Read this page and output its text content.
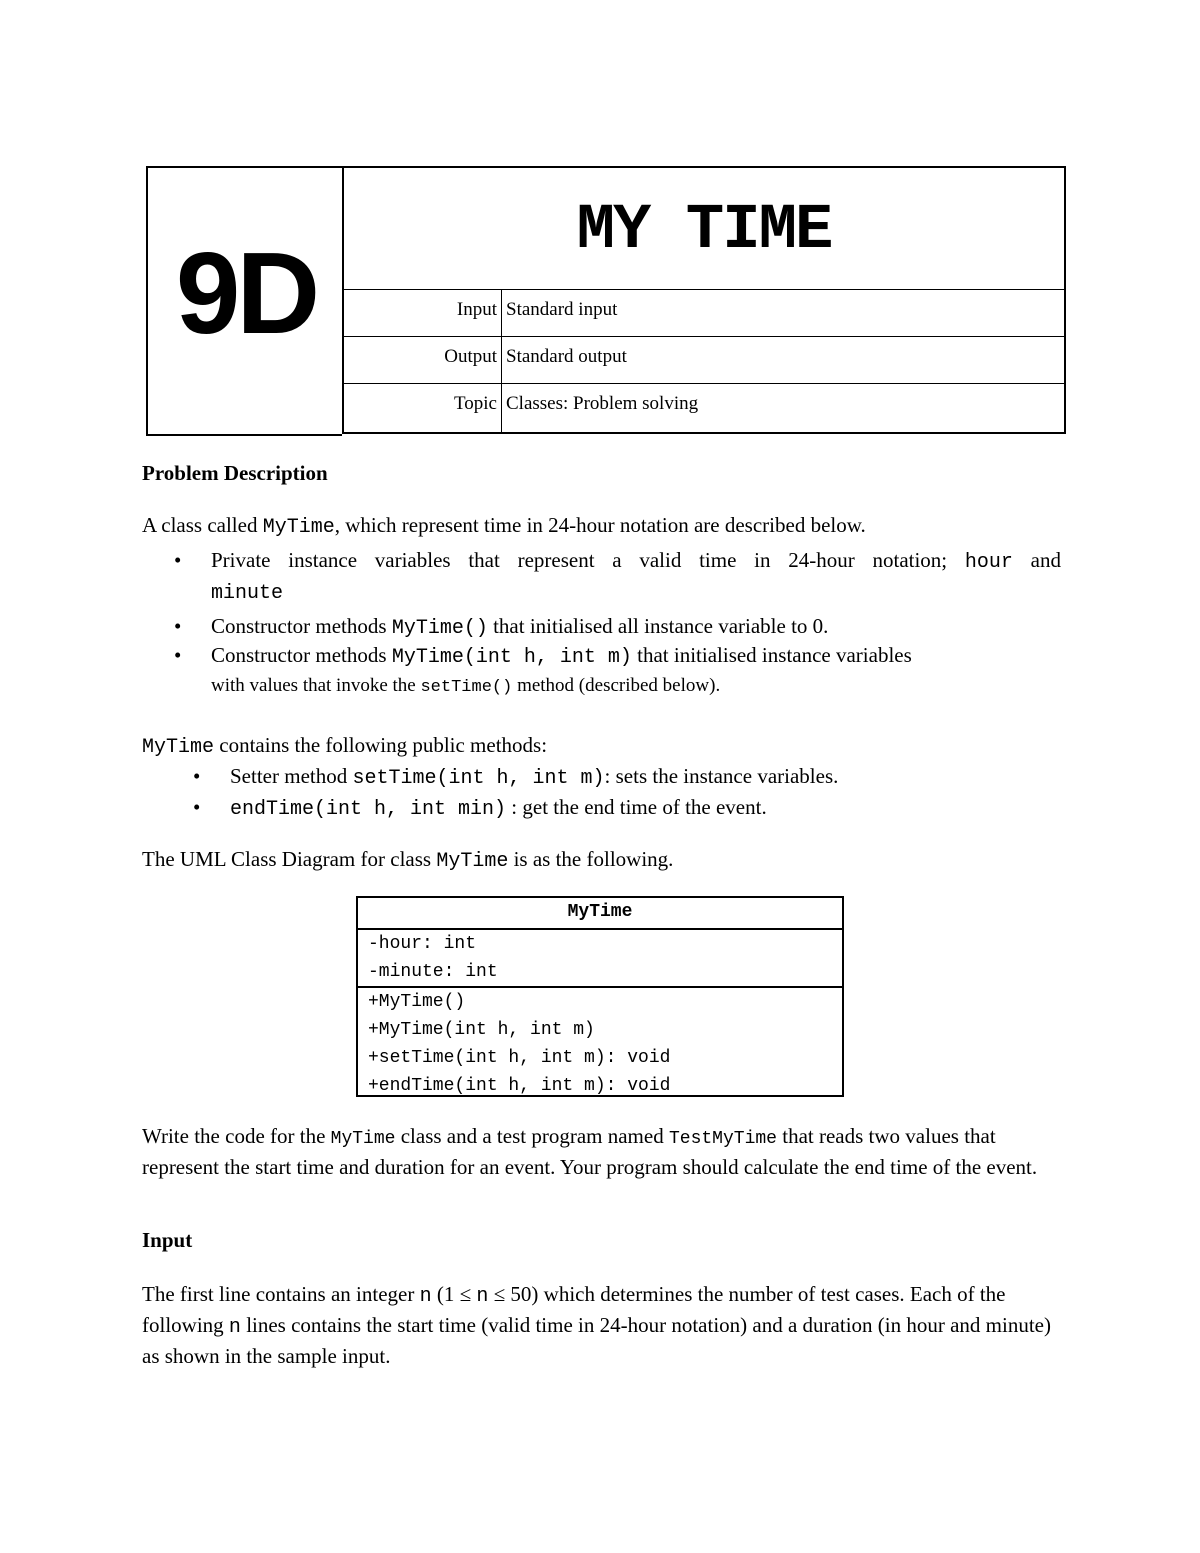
9D	MY TIME
Input Standard input
Output Standard output
Topic Classes: Problem solving
Problem Description
A class called MyTime, which represent time in 24-hour notation are described below.
• Private instance variables that represent a valid time in 24-hour notation; hour and
minute
• Constructor methods MyTime() that initialised all instance variable to 0.
• Constructor methods MyTime(int h, int m) that initialised instance variables
with values that invoke the setTime() method (described below).
MyTime contains the following public methods:
• Setter method setTime(int h, int m): sets the instance variables.
• endTime(int h, int min) : get the end time of the event.
The UML Class Diagram for class MyTime is as the following.
MyTime
-hour: int
-minute: int
+MyTime()
+MyTime(int h, int m)
+setTime(int h, int m): void
+endTime(int h, int m): void
Write the code for the MyTime class and a test program named TestMyTime that reads two values that represent the start time and duration for an event. Your program should calculate the end time of the event.
Input
The first line contains an integer n (1 ≤ n ≤ 50) which determines the number of test cases. Each of the following n lines contains the start time (valid time in 24-hour notation) and a duration (in hour and minute) as shown in the sample input.
